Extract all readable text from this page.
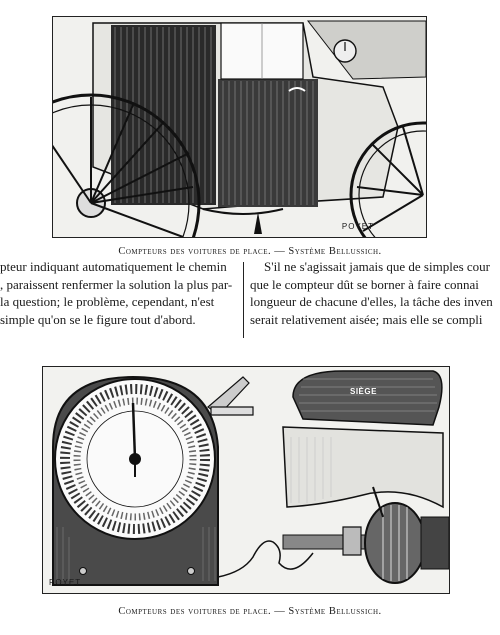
POYET
Compteurs des voitures de place. — Système Bellussich.
pteur indiquant automatiquement le chemin
, paraissent renfermer la solution la plus par-
la question; le problème, cependant, n'est
simple qu'on se le figure tout d'abord.
S'il ne s'agissait jamais que de simples cour
que le compteur dût se borner à faire connai
longueur de chacune d'elles, la tâche des inven
serait relativement aisée; mais elle se compli
SIÈGE
POYET
Compteurs des voitures de place. — Système Bellussich.
